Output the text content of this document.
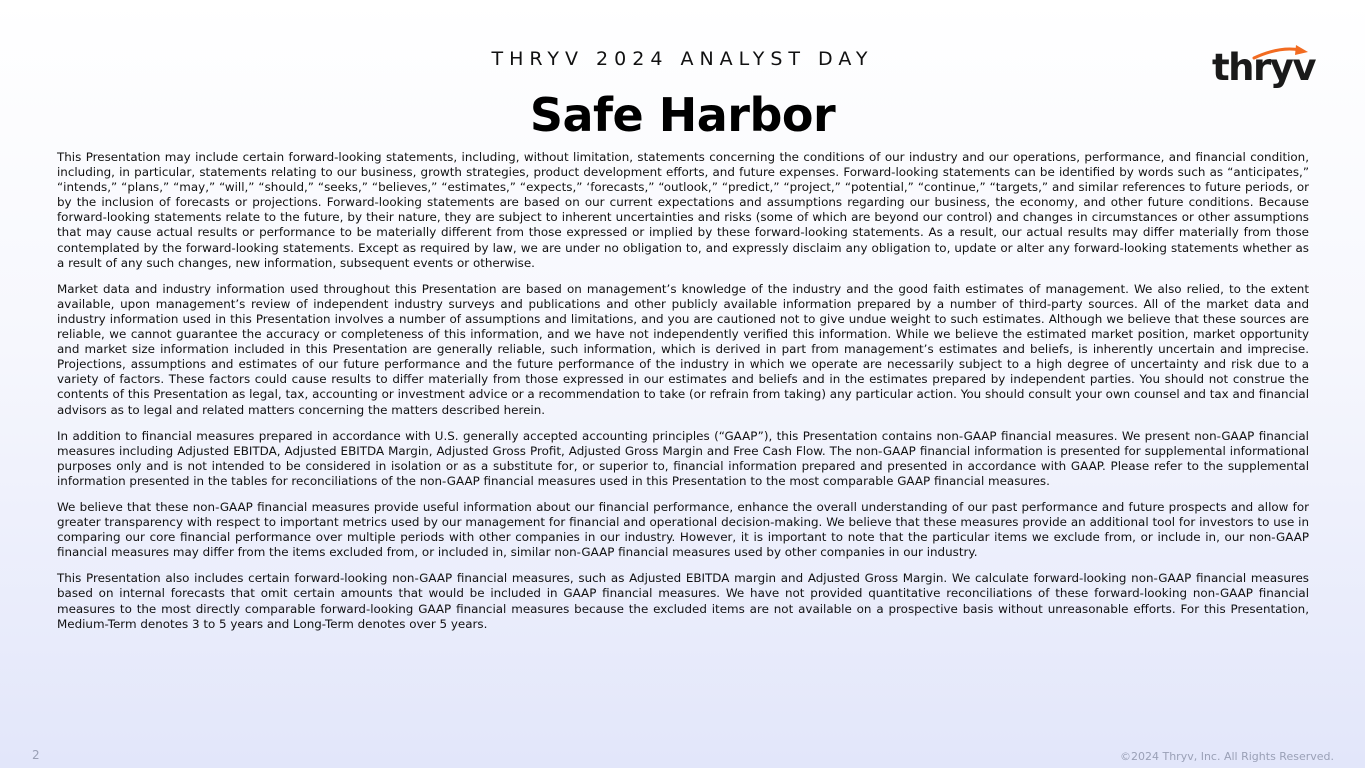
THRYV 2024 ANALYST DAY
Safe Harbor
thryv

This Presentation may include certain forward-looking statements, including, without limitation, statements concerning the conditions of our industry and our operations, performance, and financial condition, including, in particular, statements relating to our business, growth strategies, product development efforts, and future expenses. Forward-looking statements can be identified by words such as “anticipates,” “intends,” “plans,” “may,” “will,” “should,” “seeks,” “believes,” “estimates,” “expects,” ‘forecasts,” “outlook,” “predict,” “project,” “potential,” “continue,” “targets,” and similar references to future periods, or by the inclusion of forecasts or projections. Forward-looking statements are based on our current expectations and assumptions regarding our business, the economy, and other future conditions. Because forward-looking statements relate to the future, by their nature, they are subject to inherent uncertainties and risks (some of which are beyond our control) and changes in circumstances or other assumptions that may cause actual results or performance to be materially different from those expressed or implied by these forward-looking statements. As a result, our actual results may differ materially from those contemplated by the forward-looking statements. Except as required by law, we are under no obligation to, and expressly disclaim any obligation to, update or alter any forward-looking statements whether as a result of any such changes, new information, subsequent events or otherwise.

Market data and industry information used throughout this Presentation are based on management’s knowledge of the industry and the good faith estimates of management. We also relied, to the extent available, upon management’s review of independent industry surveys and publications and other publicly available information prepared by a number of third-party sources. All of the market data and industry information used in this Presentation involves a number of assumptions and limitations, and you are cautioned not to give undue weight to such estimates. Although we believe that these sources are reliable, we cannot guarantee the accuracy or completeness of this information, and we have not independently verified this information. While we believe the estimated market position, market opportunity and market size information included in this Presentation are generally reliable, such information, which is derived in part from management’s estimates and beliefs, is inherently uncertain and imprecise. Projections, assumptions and estimates of our future performance and the future performance of the industry in which we operate are necessarily subject to a high degree of uncertainty and risk due to a variety of factors. These factors could cause results to differ materially from those expressed in our estimates and beliefs and in the estimates prepared by independent parties. You should not construe the contents of this Presentation as legal, tax, accounting or investment advice or a recommendation to take (or refrain from taking) any particular action. You should consult your own counsel and tax and financial advisors as to legal and related matters concerning the matters described herein.

In addition to financial measures prepared in accordance with U.S. generally accepted accounting principles (“GAAP”), this Presentation contains non-GAAP financial measures. We present non-GAAP financial measures including Adjusted EBITDA, Adjusted EBITDA Margin, Adjusted Gross Profit, Adjusted Gross Margin and Free Cash Flow. The non-GAAP financial information is presented for supplemental informational purposes only and is not intended to be considered in isolation or as a substitute for, or superior to, financial information prepared and presented in accordance with GAAP. Please refer to the supplemental information presented in the tables for reconciliations of the non-GAAP financial measures used in this Presentation to the most comparable GAAP financial measures.

We believe that these non-GAAP financial measures provide useful information about our financial performance, enhance the overall understanding of our past performance and future prospects and allow for greater transparency with respect to important metrics used by our management for financial and operational decision-making. We believe that these measures provide an additional tool for investors to use in comparing our core financial performance over multiple periods with other companies in our industry. However, it is important to note that the particular items we exclude from, or include in, our non-GAAP financial measures may differ from the items excluded from, or included in, similar non-GAAP financial measures used by other companies in our industry.

This Presentation also includes certain forward-looking non-GAAP financial measures, such as Adjusted EBITDA margin and Adjusted Gross Margin. We calculate forward-looking non-GAAP financial measures based on internal forecasts that omit certain amounts that would be included in GAAP financial measures. We have not provided quantitative reconciliations of these forward-looking non-GAAP financial measures to the most directly comparable forward-looking GAAP financial measures because the excluded items are not available on a prospective basis without unreasonable efforts. For this Presentation, Medium-Term denotes 3 to 5 years and Long-Term denotes over 5 years.

2	©2024 Thryv, Inc. All Rights Reserved.
